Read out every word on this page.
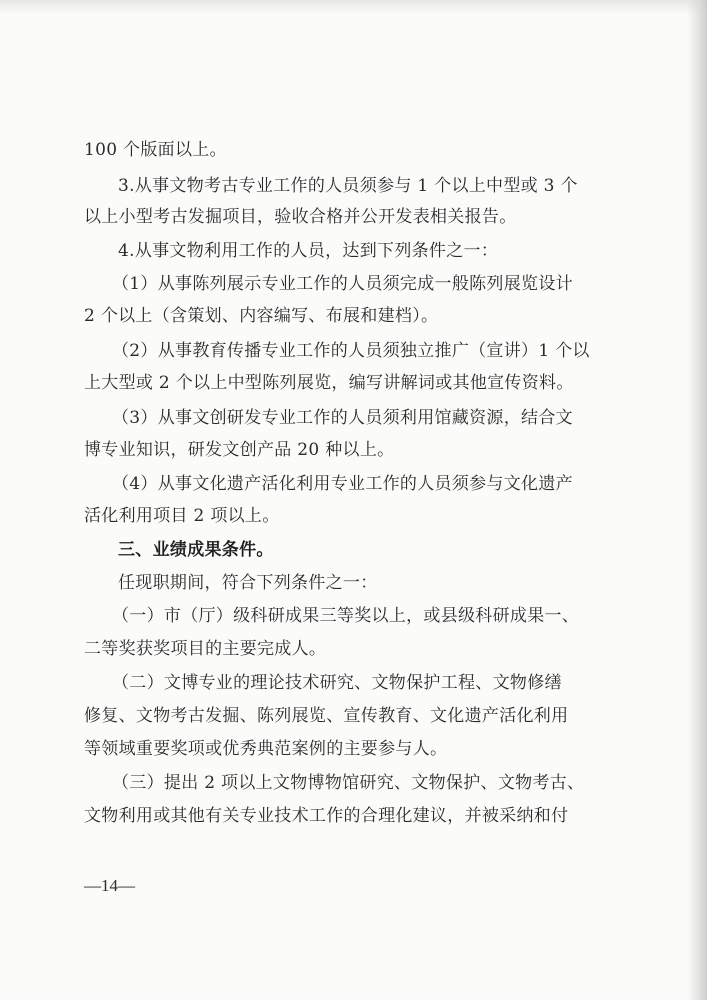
100 个版面以上。
3.从事文物考古专业工作的人员须参与 1 个以上中型或 3 个
以上小型考古发掘项目，验收合格并公开发表相关报告。
4.从事文物利用工作的人员，达到下列条件之一：
（1）从事陈列展示专业工作的人员须完成一般陈列展览设计
2 个以上（含策划、内容编写、布展和建档）。
（2）从事教育传播专业工作的人员须独立推广（宣讲）1 个以
上大型或 2 个以上中型陈列展览，编写讲解词或其他宣传资料。
（3）从事文创研发专业工作的人员须利用馆藏资源，结合文
博专业知识，研发文创产品 20 种以上。
（4）从事文化遗产活化利用专业工作的人员须参与文化遗产
活化利用项目 2 项以上。
三、业绩成果条件。
任现职期间，符合下列条件之一：
（一）市（厅）级科研成果三等奖以上，或县级科研成果一、
二等奖获奖项目的主要完成人。
（二）文博专业的理论技术研究、文物保护工程、文物修缮
修复、文物考古发掘、陈列展览、宣传教育、文化遗产活化利用
等领域重要奖项或优秀典范案例的主要参与人。
（三）提出 2 项以上文物博物馆研究、文物保护、文物考古、
文物利用或其他有关专业技术工作的合理化建议，并被采纳和付
—14—
